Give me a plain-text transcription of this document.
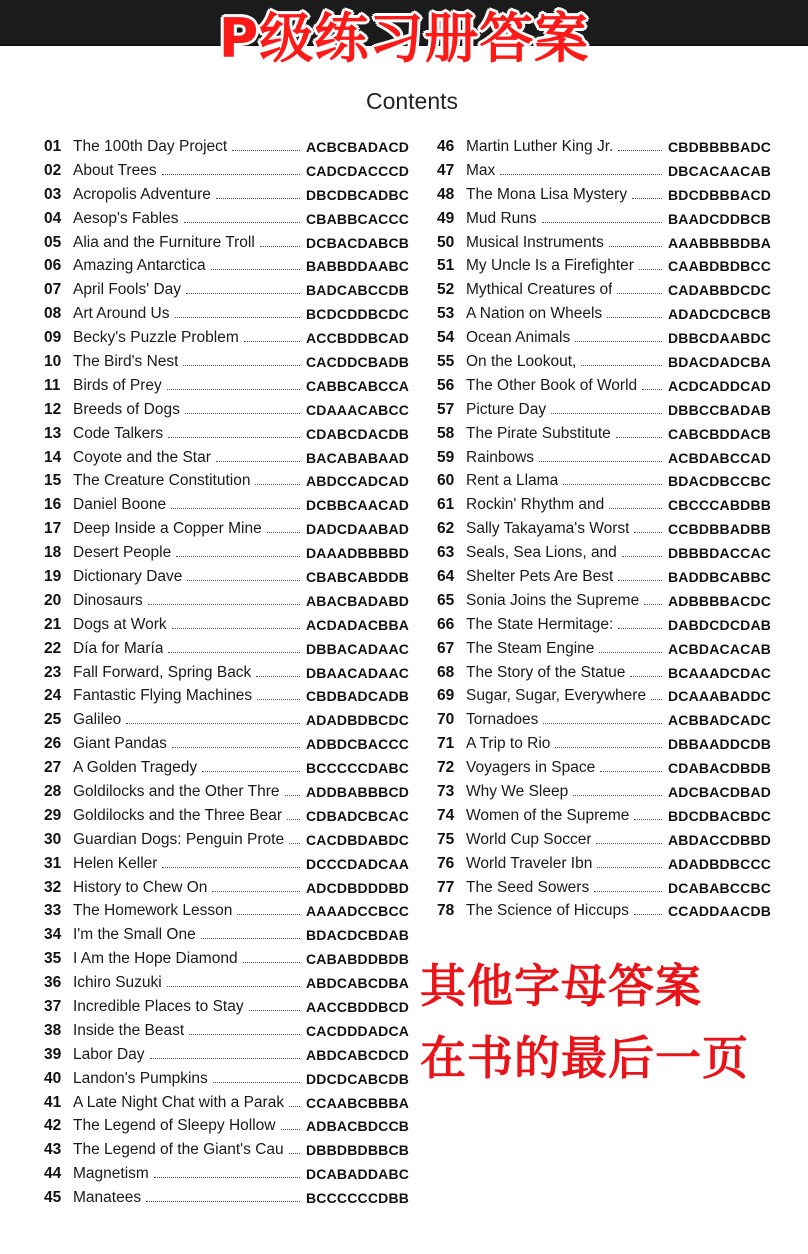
P级练习册答案
Contents
01 The 100th Day Project	ACBCBADACD
02 About Trees	CADCDACCCD
03 Acropolis Adventure	DBCDBCADBC
04 Aesop's Fables	CBABBCACCC
05 Alia and the Furniture Troll	DCBACDABCB
06 Amazing Antarctica	BABBDDAABC
07 April Fools' Day	BADCABCCDB
08 Art Around Us	BCDCDDBCDC
09 Becky's Puzzle Problem	ACCBDDBCAD
10 The Bird's Nest	CACDDCBADB
11 Birds of Prey	CABBCABCCA
12 Breeds of Dogs	CDAAACABCC
13 Code Talkers	CDABCDACDB
14 Coyote and the Star	BACABABAAD
15 The Creature Constitution	ABDCCADCAD
16 Daniel Boone	DCBBCAACAD
17 Deep Inside a Copper Mine	DADCDAABAD
18 Desert People	DAAADBBBBD
19 Dictionary Dave	CBABCABDDB
20 Dinosaurs	ABACBADABD
21 Dogs at Work	ACDADACBBA
22 Día for María	DBBACADAAC
23 Fall Forward, Spring Back	DBAACADAAC
24 Fantastic Flying Machines	CBDBADCADB
25 Galileo	ADADBDBCDC
26 Giant Pandas	ADBDCBACCC
27 A Golden Tragedy	BCCCCCDABC
28 Goldilocks and the Other Thre ADDBABBBCD
29 Goldilocks and the Three Bear CDBADCBCAC
30 Guardian Dogs: Penguin Prote CACDBDABDC
31 Helen Keller	DCCCDADCAA
32 History to Chew On	ADCDBDDDBD
33 The Homework Lesson	AAAADCCBCC
34 I'm the Small One	BDACDCBDAB
35 I Am the Hope Diamond	CABABDDBDB
36 Ichiro Suzuki	ABDCABCDBA
37 Incredible Places to Stay	AACCBDDBCD
38 Inside the Beast	CACDDDADCA
39 Labor Day	ABDCABCDCD
40 Landon's Pumpkins	DDCDCABCDB
41 A Late Night Chat with a Parak CCAABCBBBA
42 The Legend of Sleepy Hollow ADBACBDCCB
43 The Legend of the Giant's Cau DBBDBDBBCB
44 Magnetism	DCABADDABC
45 Manatees	BCCCCCCDBB
46 Martin Luther King Jr.	CBDBBBBADC
47 Max	DBCACAACAB
48 The Mona Lisa Mystery	BDCDBBBACD
49 Mud Runs	BAADCDDBCB
50 Musical Instruments	AAABBBBDBA
51 My Uncle Is a Firefighter CAABDBDBCC
52 Mythical Creatures of	CADABBDCDC
53 A Nation on Wheels	ADADCDCBCB
54 Ocean Animals	DBBCDAABDC
55 On the Lookout,	BDACDADCBA
56 The Other Book of World ACDCADDCAD
57 Picture Day	DBBCCBADAB
58 The Pirate Substitute	CABCBDDACB
59 Rainbows	ACBDABCCAD
60 Rent a Llama	BDACDBCCBC
61 Rockin' Rhythm and	CBCCCABDBB
62 Sally Takayama's Worst	CCBDBBADBB
63 Seals, Sea Lions, and	DBBBDACCAC
64 Shelter Pets Are Best	BADDBCABBC
65 Sonia Joins the Supreme ADBBBBACDC
66 The State Hermitage:	DABDCDCDAB
67 The Steam Engine	ACBDACACAB
68 The Story of the Statue	BCAAADCDAC
69 Sugar, Sugar, Everywhere DCAAABADDC
70 Tornadoes	ACBBADCADC
71 A Trip to Rio	DBBAADDCDB
72 Voyagers in Space	CDABACDBDB
73 Why We Sleep	ADCBACDBAD
74 Women of the Supreme	BDCDBACBDC
75 World Cup Soccer	ABDACCDBBD
76 World Traveler Ibn	ADADBDBCCC
77 The Seed Sowers	DCABABCCBC
78 The Science of Hiccups	CCADDAACDB
其他字母答案
在书的最后一页
